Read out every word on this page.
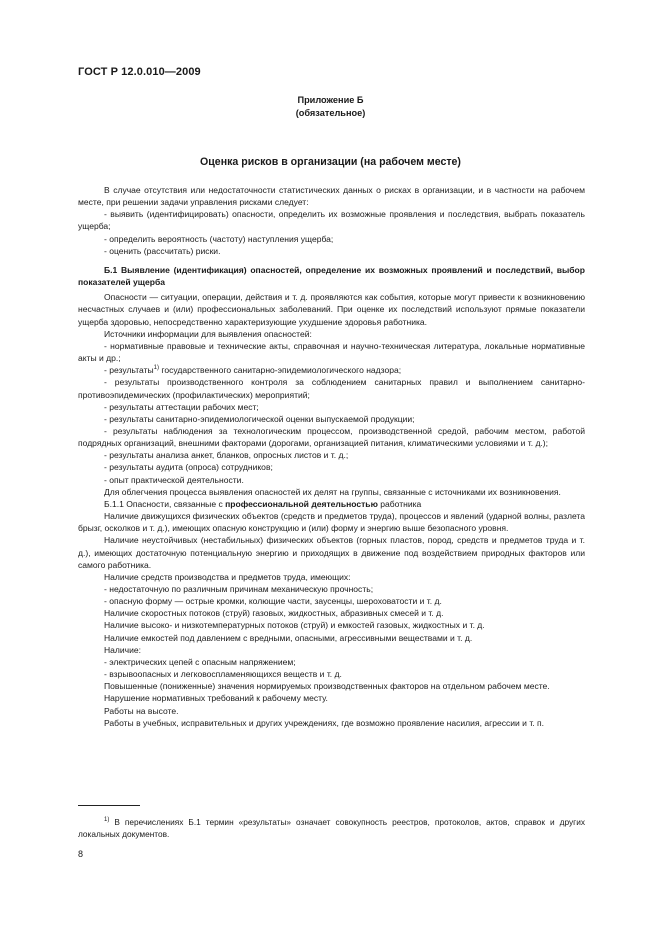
ГОСТ Р 12.0.010—2009
Приложение Б
(обязательное)
Оценка рисков в организации (на рабочем месте)

В случае отсутствия или недостаточности статистических данных о рисках в организации, и в частности на рабочем месте, при решении задачи управления рисками следует:

- выявить (идентифицировать) опасности, определить их возможные проявления и последствия, выбрать показатель ущерба;

- определить вероятность (частоту) наступления ущерба;

- оценить (рассчитать) риски.

Б.1 Выявление (идентификация) опасностей, определение их возможных проявлений и последствий, выбор показателей ущерба

Опасности — ситуации, операции, действия и т. д. проявляются как события, которые могут привести к возникновению несчастных случаев и (или) профессиональных заболеваний. При оценке их последствий используют прямые показатели ущерба здоровью, непосредственно характеризующие ухудшение здоровья работника.

Источники информации для выявления опасностей:

- нормативные правовые и технические акты, справочная и научно-техническая литература, локальные нормативные акты и др.;

- результаты$^{1)}$ государственного санитарно-эпидемиологического надзора;

- результаты производственного контроля за соблюдением санитарных правил и выполнением санитарно-противоэпидемических (профилактических) мероприятий;

- результаты аттестации рабочих мест;

- результаты санитарно-эпидемиологической оценки выпускаемой продукции;

- результаты наблюдения за технологическим процессом, производственной средой, рабочим местом, работой подрядных организаций, внешними факторами (дорогами, организацией питания, климатическими условиями и т. д.);

- результаты анализа анкет, бланков, опросных листов и т. д.;

- результаты аудита (опроса) сотрудников;

- опыт практической деятельности.

Для облегчения процесса выявления опасностей их делят на группы, связанные с источниками их возникновения.

Б.1.1 Опасности, связанные с профессиональной деятельностью работника

Наличие движущихся физических объектов (средств и предметов труда), процессов и явлений (ударной волны, разлета брызг, осколков и т. д.), имеющих опасную конструкцию и (или) форму и энергию выше безопасного уровня.

Наличие неустойчивых (нестабильных) физических объектов (горных пластов, пород, средств и предметов труда и т. д.), имеющих достаточную потенциальную энергию и приходящих в движение под воздействием природных факторов или самого работника.

Наличие средств производства и предметов труда, имеющих:

- недостаточную по различным причинам механическую прочность;

- опасную форму — острые кромки, колющие части, заусенцы, шероховатости и т. д.

Наличие скоростных потоков (струй) газовых, жидкостных, абразивных смесей и т. д.

Наличие высоко- и низкотемпературных потоков (струй) и емкостей газовых, жидкостных и т. д.

Наличие емкостей под давлением с вредными, опасными, агрессивными веществами и т. д.

Наличие:

- электрических цепей с опасным напряжением;

- взрывоопасных и легковоспламеняющихся веществ и т. д.

Повышенные (пониженные) значения нормируемых производственных факторов на отдельном рабочем месте.

Нарушение нормативных требований к рабочему месту.

Работы на высоте.

Работы в учебных, исправительных и других учреждениях, где возможно проявление насилия, агрессии и т. п.

$^{1)}$ В перечислениях Б.1 термин «результаты» означает совокупность реестров, протоколов, актов, справок и других локальных документов.
8
